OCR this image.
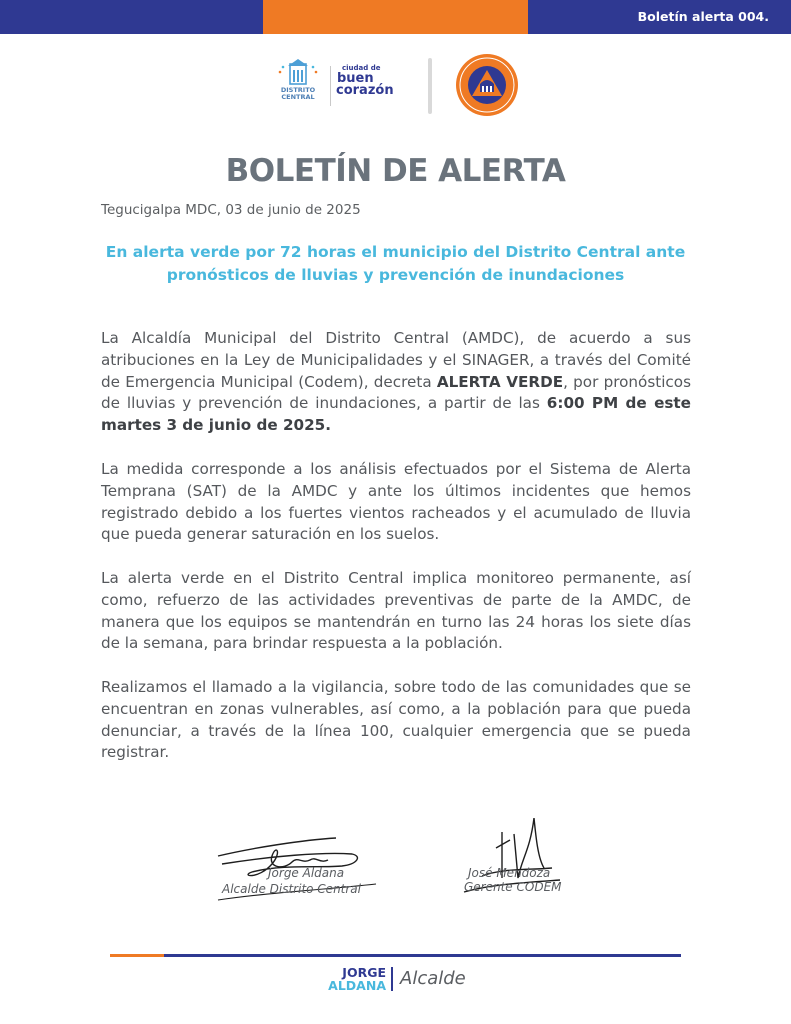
Boletín alerta 004.
DISTRITO
CENTRAL
ciudad de
buen
corazón
BOLETÍN DE ALERTA
Tegucigalpa MDC, 03 de junio de 2025
En alerta verde por 72 horas el municipio del Distrito Central ante pronósticos de lluvias y prevención de inundaciones
La Alcaldía Municipal del Distrito Central (AMDC), de acuerdo a sus atribuciones en la Ley de Municipalidades y el SINAGER, a través del Comité de Emergencia Municipal (Codem), decreta ALERTA VERDE, por pronósticos de lluvias y prevención de inundaciones, a partir de las 6:00 PM de este martes 3 de junio de 2025.
La medida corresponde a los análisis efectuados por el Sistema de Alerta Temprana (SAT) de la AMDC y ante los últimos incidentes que hemos registrado debido a los fuertes vientos racheados y el acumulado de lluvia que pueda generar saturación en los suelos.
La alerta verde en el Distrito Central implica monitoreo permanente, así como, refuerzo de las actividades preventivas de parte de la AMDC, de manera que los equipos se mantendrán en turno las 24 horas los siete días de la semana, para brindar respuesta a la población.
Realizamos el llamado a la vigilancia, sobre todo de las comunidades que se encuentran en zonas vulnerables, así como, a la población para que pueda denunciar, a través de la línea 100, cualquier emergencia que se pueda registrar.
Jorge Aldana
Alcalde Distrito Central
José Mendoza
Gerente CODEM
JORGE
ALDANA Alcalde
